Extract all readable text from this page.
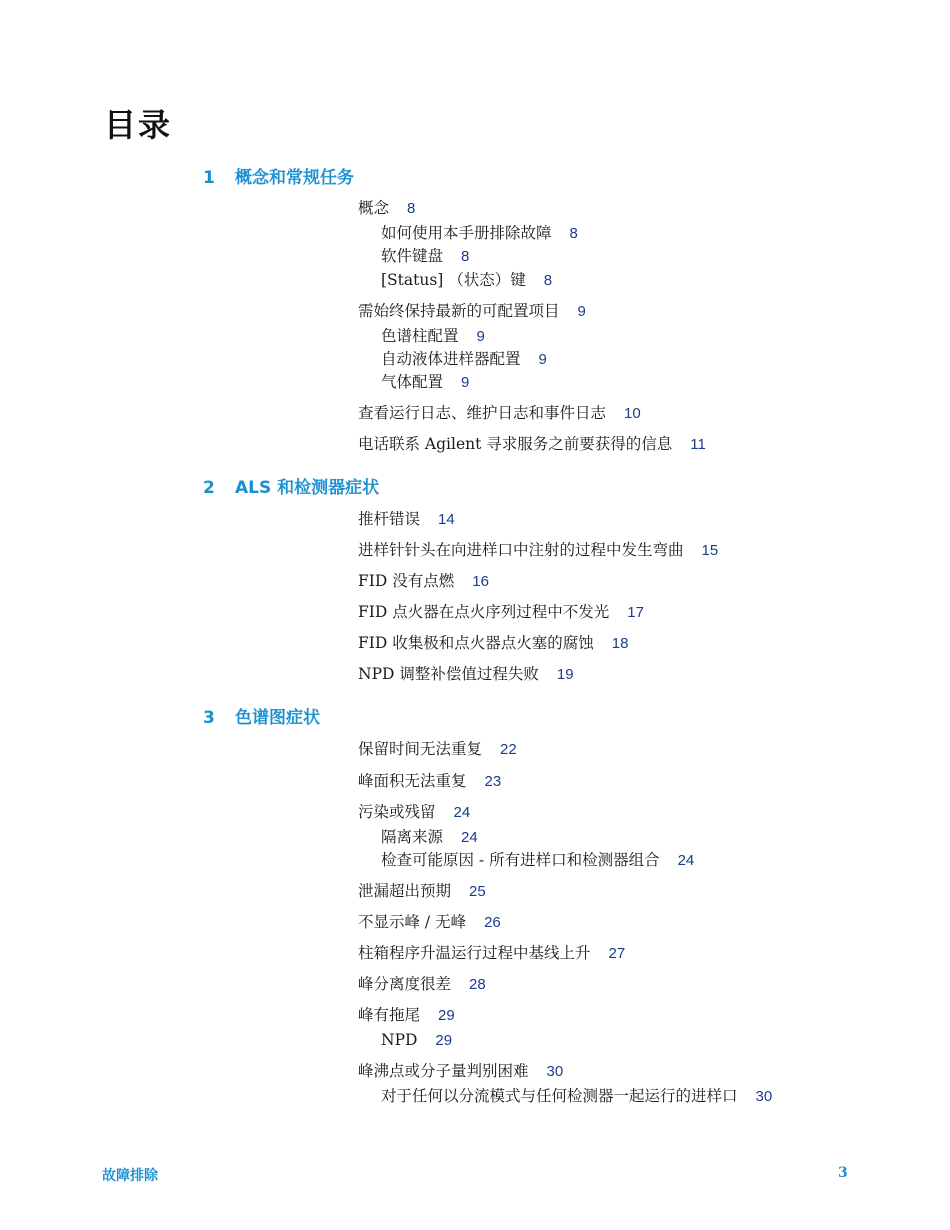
目录
1 概念和常规任务
概念 8
如何使用本手册排除故障 8
软件键盘 8
[Status] （状态）键 8
需始终保持最新的可配置项目 9
色谱柱配置 9
自动液体进样器配置 9
气体配置 9
查看运行日志、维护日志和事件日志 10
电话联系 Agilent 寻求服务之前要获得的信息 11
2 ALS 和检测器症状
推杆错误 14
进样针针头在向进样口中注射的过程中发生弯曲 15
FID 没有点燃 16
FID 点火器在点火序列过程中不发光 17
FID 收集极和点火器点火塞的腐蚀 18
NPD 调整补偿值过程失败 19
3 色谱图症状
保留时间无法重复 22
峰面积无法重复 23
污染或残留 24
隔离来源 24
检查可能原因 - 所有进样口和检测器组合 24
泄漏超出预期 25
不显示峰 / 无峰 26
柱箱程序升温运行过程中基线上升 27
峰分离度很差 28
峰有拖尾 29
NPD 29
峰沸点或分子量判别困难 30
对于任何以分流模式与任何检测器一起运行的进样口 30
故障排除	3
